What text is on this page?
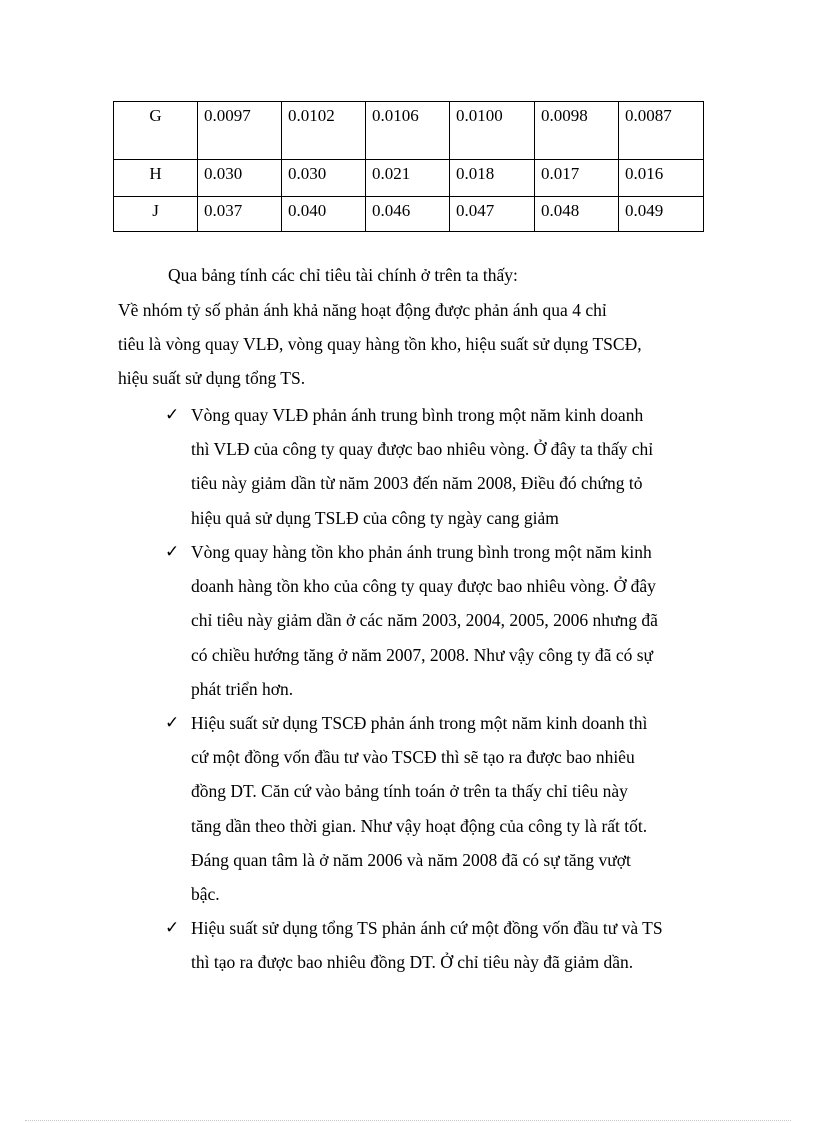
G	0.0097	0.0102	0.0106	0.0100	0.0098	0.0087
H	0.030	0.030	0.021	0.018	0.017	0.016
J	0.037	0.040	0.046	0.047	0.048	0.049

Qua bảng tính các chỉ tiêu tài chính ở trên ta thấy:

Về nhóm tỷ số phản ánh khả năng hoạt động được phản ánh qua 4 chỉ
tiêu là vòng quay VLĐ, vòng quay hàng tồn kho, hiệu suất sử dụng TSCĐ,
hiệu suất sử dụng tổng TS.
✓ Vòng quay VLĐ phản ánh trung bình trong một năm kinh doanh
thì VLĐ của công ty quay được bao nhiêu vòng. Ở đây ta thấy chỉ
tiêu này giảm dần từ năm 2003 đến năm 2008, Điều đó chứng tỏ
hiệu quả sử dụng TSLĐ của công ty ngày cang giảm
✓ Vòng quay hàng tồn kho phản ánh trung bình trong một năm kinh
doanh hàng tồn kho của công ty quay được bao nhiêu vòng. Ở đây
chỉ tiêu này giảm dần ở các năm 2003, 2004, 2005, 2006 nhưng đã
có chiều hướng tăng ở năm 2007, 2008. Như vậy công ty đã có sự
phát triển hơn.
✓ Hiệu suất sử dụng TSCĐ phản ánh trong một năm kinh doanh thì
cứ một đồng vốn đầu tư vào TSCĐ thì sẽ tạo ra được bao nhiêu
đồng DT. Căn cứ vào bảng tính toán ở trên ta thấy chỉ tiêu này
tăng dần theo thời gian. Như vậy hoạt động của công ty là rất tốt.
Đáng quan tâm là ở năm 2006 và năm 2008 đã có sự tăng vượt
bậc.
✓ Hiệu suất sử dụng tổng TS phản ánh cứ một đồng vốn đầu tư và TS
thì tạo ra được bao nhiêu đồng DT. Ở chỉ tiêu này đã giảm dần.
